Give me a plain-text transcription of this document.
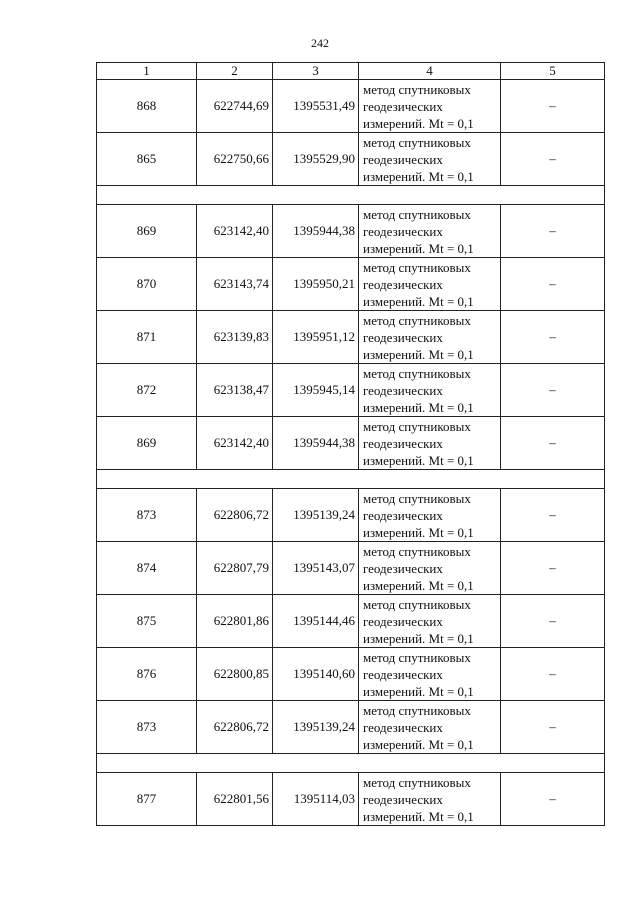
242
1	2	3	4	5
868	622744,69	1395531,49	метод спутниковых
геодезических
измерений. Mt = 0,1	–
865	622750,66	1395529,90	метод спутниковых
геодезических
измерений. Mt = 0,1	–

869	623142,40	1395944,38	метод спутниковых
геодезических
измерений. Mt = 0,1	–
870	623143,74	1395950,21	метод спутниковых
геодезических
измерений. Mt = 0,1	–
871	623139,83	1395951,12	метод спутниковых
геодезических
измерений. Mt = 0,1	–
872	623138,47	1395945,14	метод спутниковых
геодезических
измерений. Mt = 0,1	–
869	623142,40	1395944,38	метод спутниковых
геодезических
измерений. Mt = 0,1	–

873	622806,72	1395139,24	метод спутниковых
геодезических
измерений. Mt = 0,1	–
874	622807,79	1395143,07	метод спутниковых
геодезических
измерений. Mt = 0,1	–
875	622801,86	1395144,46	метод спутниковых
геодезических
измерений. Mt = 0,1	–
876	622800,85	1395140,60	метод спутниковых
геодезических
измерений. Mt = 0,1	–
873	622806,72	1395139,24	метод спутниковых
геодезических
измерений. Mt = 0,1	–

877	622801,56	1395114,03	метод спутниковых
геодезических
измерений. Mt = 0,1	–
